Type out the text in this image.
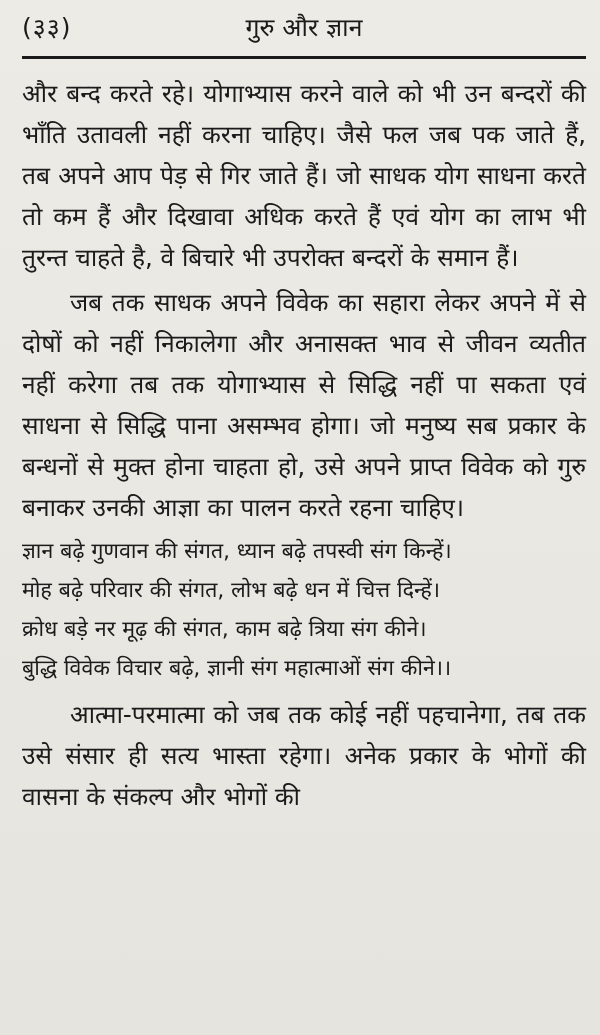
(३३)	गुरु और ज्ञान

और बन्द करते रहे। योगाभ्यास करने वाले को भी उन बन्दरों की भाँति उतावली नहीं करना चाहिए। जैसे फल जब पक जाते हैं, तब अपने आप पेड़ से गिर जाते हैं। जो साधक योग साधना करते तो कम हैं और दिखावा अधिक करते हैं एवं योग का लाभ भी तुरन्त चाहते है, वे बिचारे भी उपरोक्त बन्दरों के समान हैं।

जब तक साधक अपने विवेक का सहारा लेकर अपने में से दोषों को नहीं निकालेगा और अनासक्त भाव से जीवन व्यतीत नहीं करेगा तब तक योगाभ्यास से सिद्धि नहीं पा सकता एवं साधना से सिद्धि पाना असम्भव होगा। जो मनुष्य सब प्रकार के बन्धनों से मुक्त होना चाहता हो, उसे अपने प्राप्त विवेक को गुरु बनाकर उनकी आज्ञा का पालन करते रहना चाहिए।

ज्ञान बढ़े गुणवान की संगत, ध्यान बढ़े तपस्वी संग किन्हें।
मोह बढ़े परिवार की संगत, लोभ बढ़े धन में चित्त दिन्हें।
क्रोध बड़े नर मूढ़ की संगत, काम बढ़े त्रिया संग कीने।
बुद्धि विवेक विचार बढ़े, ज्ञानी संग महात्माओं संग कीने।।

आत्मा-परमात्मा को जब तक कोई नहीं पहचानेगा, तब तक उसे संसार ही सत्य भास्ता रहेगा। अनेक प्रकार के भोगों की वासना के संकल्प और भोगों की
